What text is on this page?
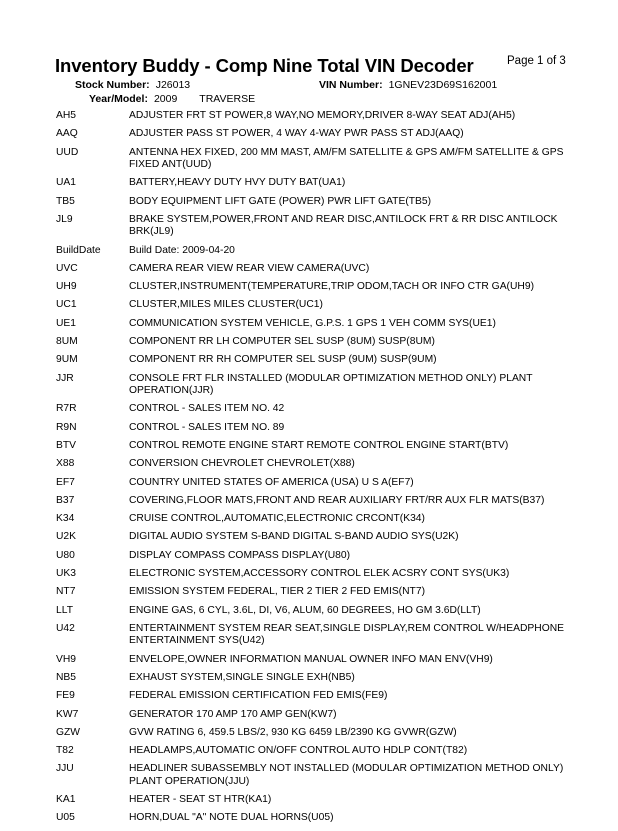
Inventory Buddy - Comp Nine Total VIN Decoder	Page 1 of 3
Stock Number: J26013	VIN Number: 1GNEV23D69S162001
Year/Model: 2009 TRAVERSE
AH5	ADJUSTER FRT ST POWER,8 WAY,NO MEMORY,DRIVER 8-WAY SEAT ADJ(AH5)
AAQ	ADJUSTER PASS ST POWER, 4 WAY 4-WAY PWR PASS ST ADJ(AAQ)
UUD	ANTENNA HEX FIXED, 200 MM MAST, AM/FM SATELLITE & GPS AM/FM SATELLITE & GPS FIXED ANT(UUD)
UA1	BATTERY,HEAVY DUTY HVY DUTY BAT(UA1)
TB5	BODY EQUIPMENT LIFT GATE (POWER) PWR LIFT GATE(TB5)
JL9	BRAKE SYSTEM,POWER,FRONT AND REAR DISC,ANTILOCK FRT & RR DISC ANTILOCK BRK(JL9)
BuildDate	Build Date: 2009-04-20
UVC	CAMERA REAR VIEW REAR VIEW CAMERA(UVC)
UH9	CLUSTER,INSTRUMENT(TEMPERATURE,TRIP ODOM,TACH OR INFO CTR GA(UH9)
UC1	CLUSTER,MILES MILES CLUSTER(UC1)
UE1	COMMUNICATION SYSTEM VEHICLE, G.P.S. 1 GPS 1 VEH COMM SYS(UE1)
8UM	COMPONENT RR LH COMPUTER SEL SUSP (8UM) SUSP(8UM)
9UM	COMPONENT RR RH COMPUTER SEL SUSP (9UM) SUSP(9UM)
JJR	CONSOLE FRT FLR INSTALLED (MODULAR OPTIMIZATION METHOD ONLY) PLANT OPERATION(JJR)
R7R	CONTROL - SALES ITEM NO. 42
R9N	CONTROL - SALES ITEM NO. 89
BTV	CONTROL REMOTE ENGINE START REMOTE CONTROL ENGINE START(BTV)
X88	CONVERSION CHEVROLET CHEVROLET(X88)
EF7	COUNTRY UNITED STATES OF AMERICA (USA) U S A(EF7)
B37	COVERING,FLOOR MATS,FRONT AND REAR AUXILIARY FRT/RR AUX FLR MATS(B37)
K34	CRUISE CONTROL,AUTOMATIC,ELECTRONIC CRCONT(K34)
U2K	DIGITAL AUDIO SYSTEM S-BAND DIGITAL S-BAND AUDIO SYS(U2K)
U80	DISPLAY COMPASS COMPASS DISPLAY(U80)
UK3	ELECTRONIC SYSTEM,ACCESSORY CONTROL ELEK ACSRY CONT SYS(UK3)
NT7	EMISSION SYSTEM FEDERAL, TIER 2 TIER 2 FED EMIS(NT7)
LLT	ENGINE GAS, 6 CYL, 3.6L, DI, V6, ALUM, 60 DEGREES, HO GM 3.6D(LLT)
U42	ENTERTAINMENT SYSTEM REAR SEAT,SINGLE DISPLAY,REM CONTROL W/HEADPHONE ENTERTAINMENT SYS(U42)
VH9	ENVELOPE,OWNER INFORMATION MANUAL OWNER INFO MAN ENV(VH9)
NB5	EXHAUST SYSTEM,SINGLE SINGLE EXH(NB5)
FE9	FEDERAL EMISSION CERTIFICATION FED EMIS(FE9)
KW7	GENERATOR 170 AMP 170 AMP GEN(KW7)
GZW	GVW RATING 6, 459.5 LBS/2, 930 KG 6459 LB/2390 KG GVWR(GZW)
T82	HEADLAMPS,AUTOMATIC ON/OFF CONTROL AUTO HDLP CONT(T82)
JJU	HEADLINER SUBASSEMBLY NOT INSTALLED (MODULAR OPTIMIZATION METHOD ONLY) PLANT OPERATION(JJU)
KA1	HEATER - SEAT ST HTR(KA1)
U05	HORN,DUAL "A" NOTE DUAL HORNS(U05)
